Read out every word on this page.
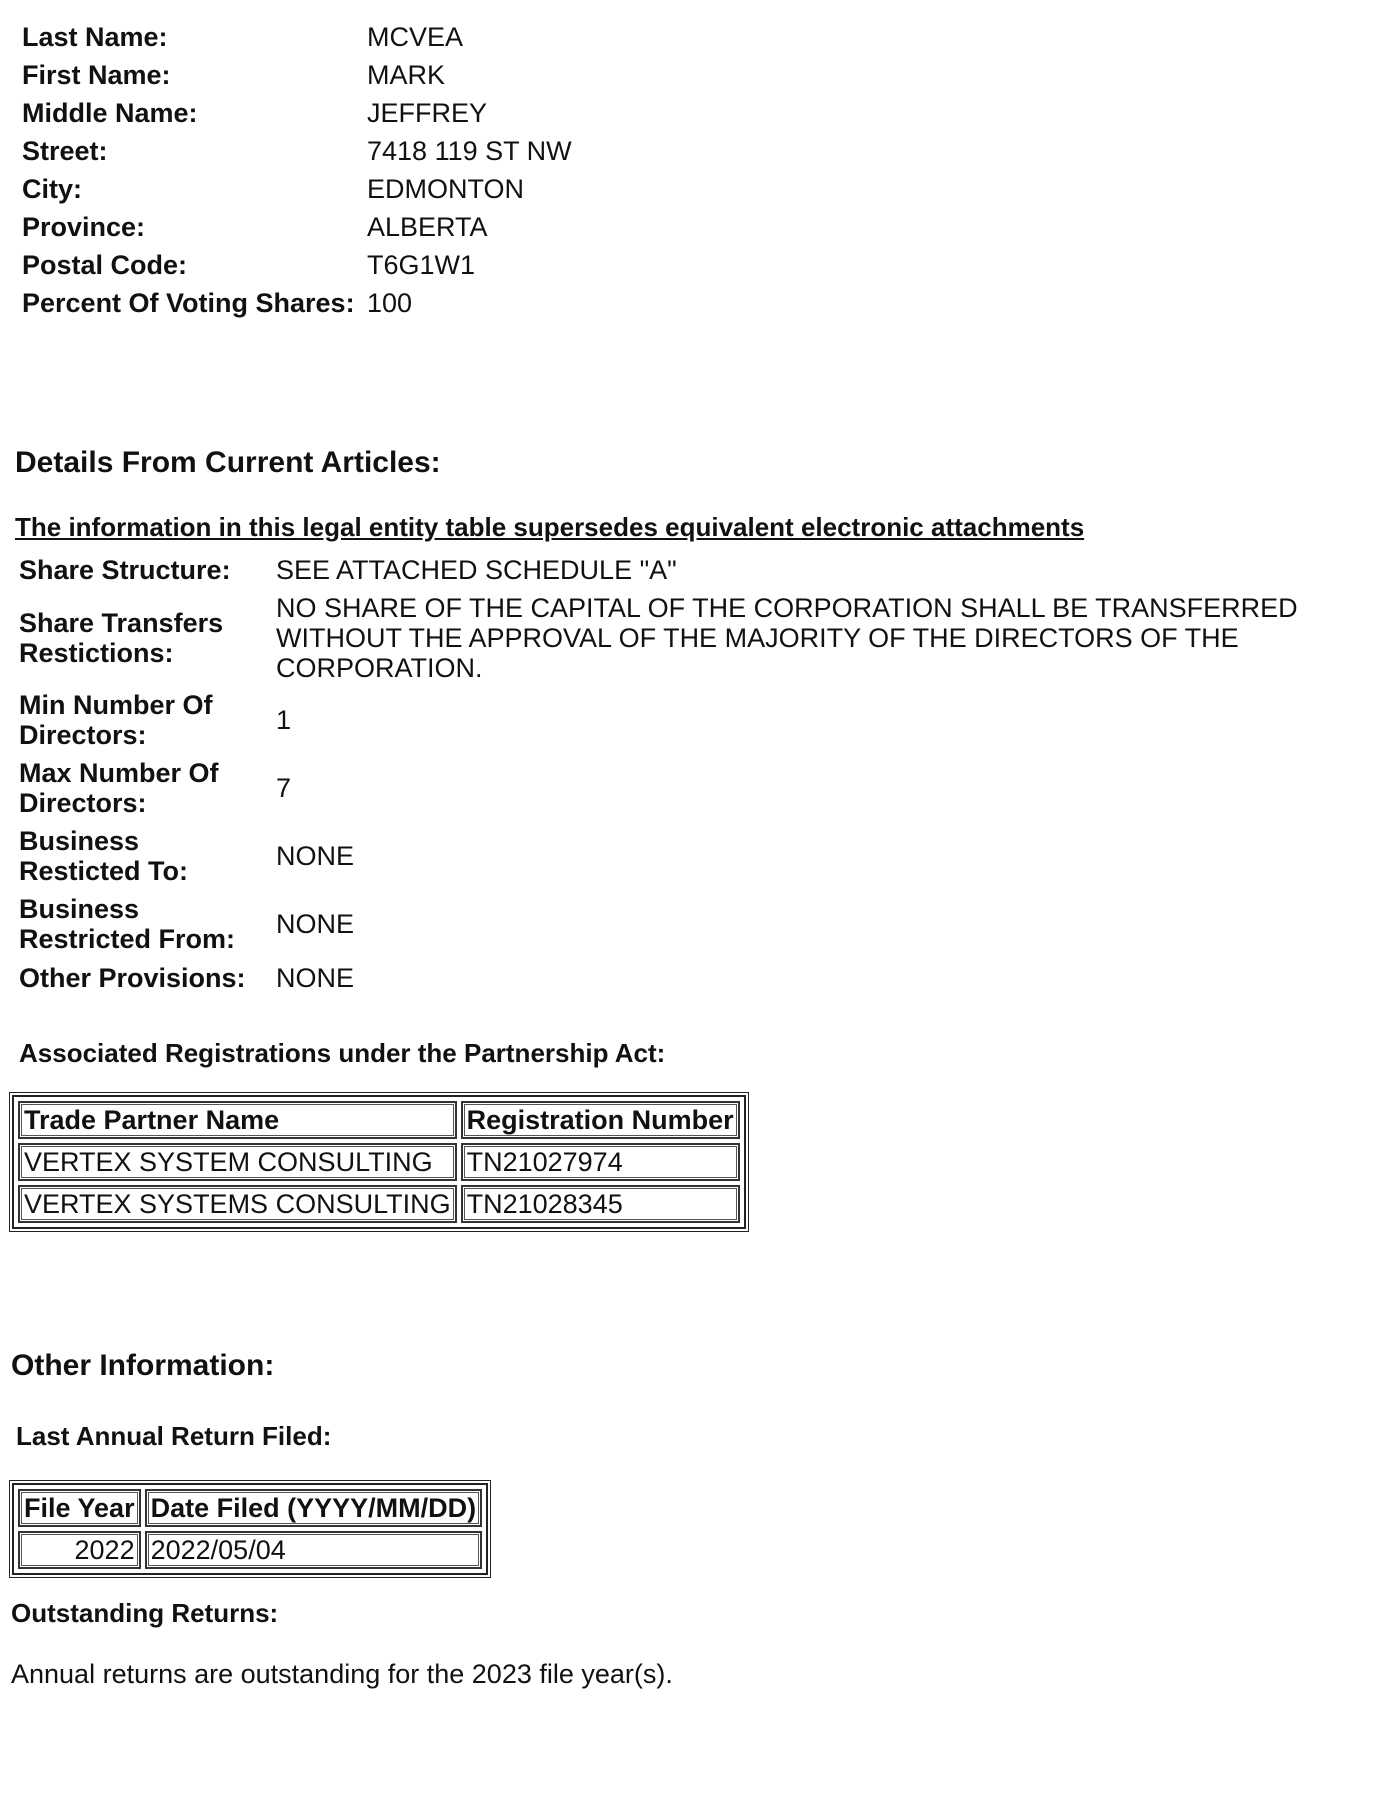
Last Name:	MCVEA
First Name:	MARK
Middle Name:	JEFFREY
Street:	7418 119 ST NW
City:	EDMONTON
Province:	ALBERTA
Postal Code:	T6G1W1
Percent Of Voting Shares:	100
Details From Current Articles:
The information in this legal entity table supersedes equivalent electronic attachments
Share Structure:	SEE ATTACHED SCHEDULE "A"
Share Transfers Restictions:	NO SHARE OF THE CAPITAL OF THE CORPORATION SHALL BE TRANSFERRED WITHOUT THE APPROVAL OF THE MAJORITY OF THE DIRECTORS OF THE CORPORATION.
Min Number Of Directors:	1
Max Number Of Directors:	7
Business Resticted To:	NONE
Business Restricted From:	NONE
Other Provisions:	NONE
Associated Registrations under the Partnership Act:
Trade Partner Name	Registration Number
VERTEX SYSTEM CONSULTING	TN21027974
VERTEX SYSTEMS CONSULTING	TN21028345
Other Information:
Last Annual Return Filed:
File Year	Date Filed (YYYY/MM/DD)
2022	2022/05/04
Outstanding Returns:
Annual returns are outstanding for the 2023 file year(s).
